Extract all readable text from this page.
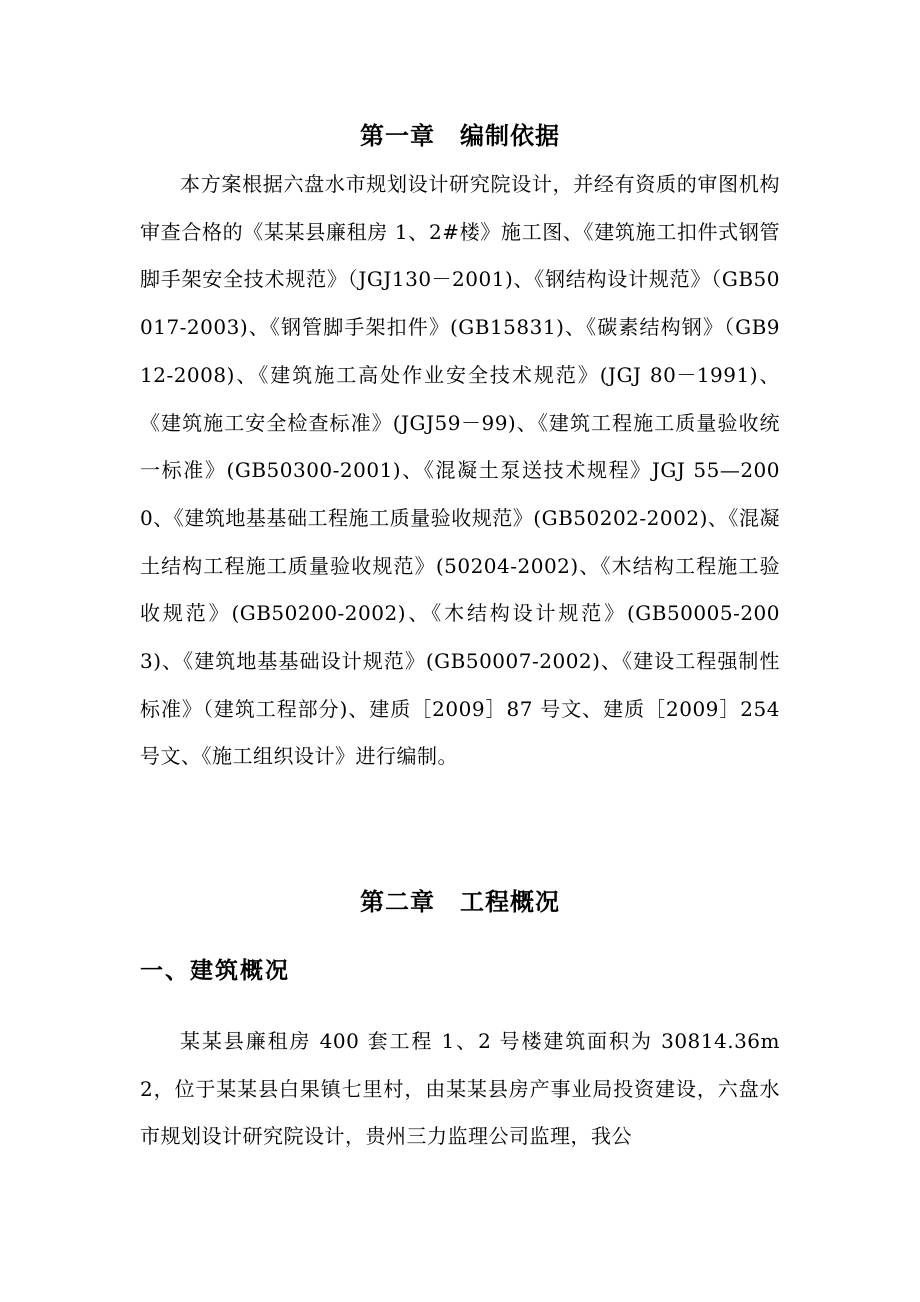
第一章　编制依据
本方案根据六盘水市规划设计研究院设计，并经有资质的审图机构审查合格的《某某县廉租房 1、2#楼》施工图、《建筑施工扣件式钢管脚手架安全技术规范》（JGJ130－2001)、《钢结构设计规范》（GB50017-2003)、《钢管脚手架扣件》(GB15831)、《碳素结构钢》（GB912-2008)、《建筑施工高处作业安全技术规范》(JGJ 80－1991)、《建筑施工安全检查标准》(JGJ59－99)、《建筑工程施工质量验收统一标准》(GB50300-2001)、《混凝土泵送技术规程》JGJ 55—2000、《建筑地基基础工程施工质量验收规范》(GB50202-2002)、《混凝土结构工程施工质量验收规范》(50204-2002)、《木结构工程施工验收规范》(GB50200-2002)、《木结构设计规范》(GB50005-2003)、《建筑地基基础设计规范》(GB50007-2002)、《建设工程强制性标准》（建筑工程部分)、建质［2009］87 号文、建质［2009］254 号文、《施工组织设计》进行编制。
第二章　工程概况
一、建筑概况
某某县廉租房 400 套工程 1、2 号楼建筑面积为 30814.36m2，位于某某县白果镇七里村，由某某县房产事业局投资建设，六盘水市规划设计研究院设计，贵州三力监理公司监理，我公
